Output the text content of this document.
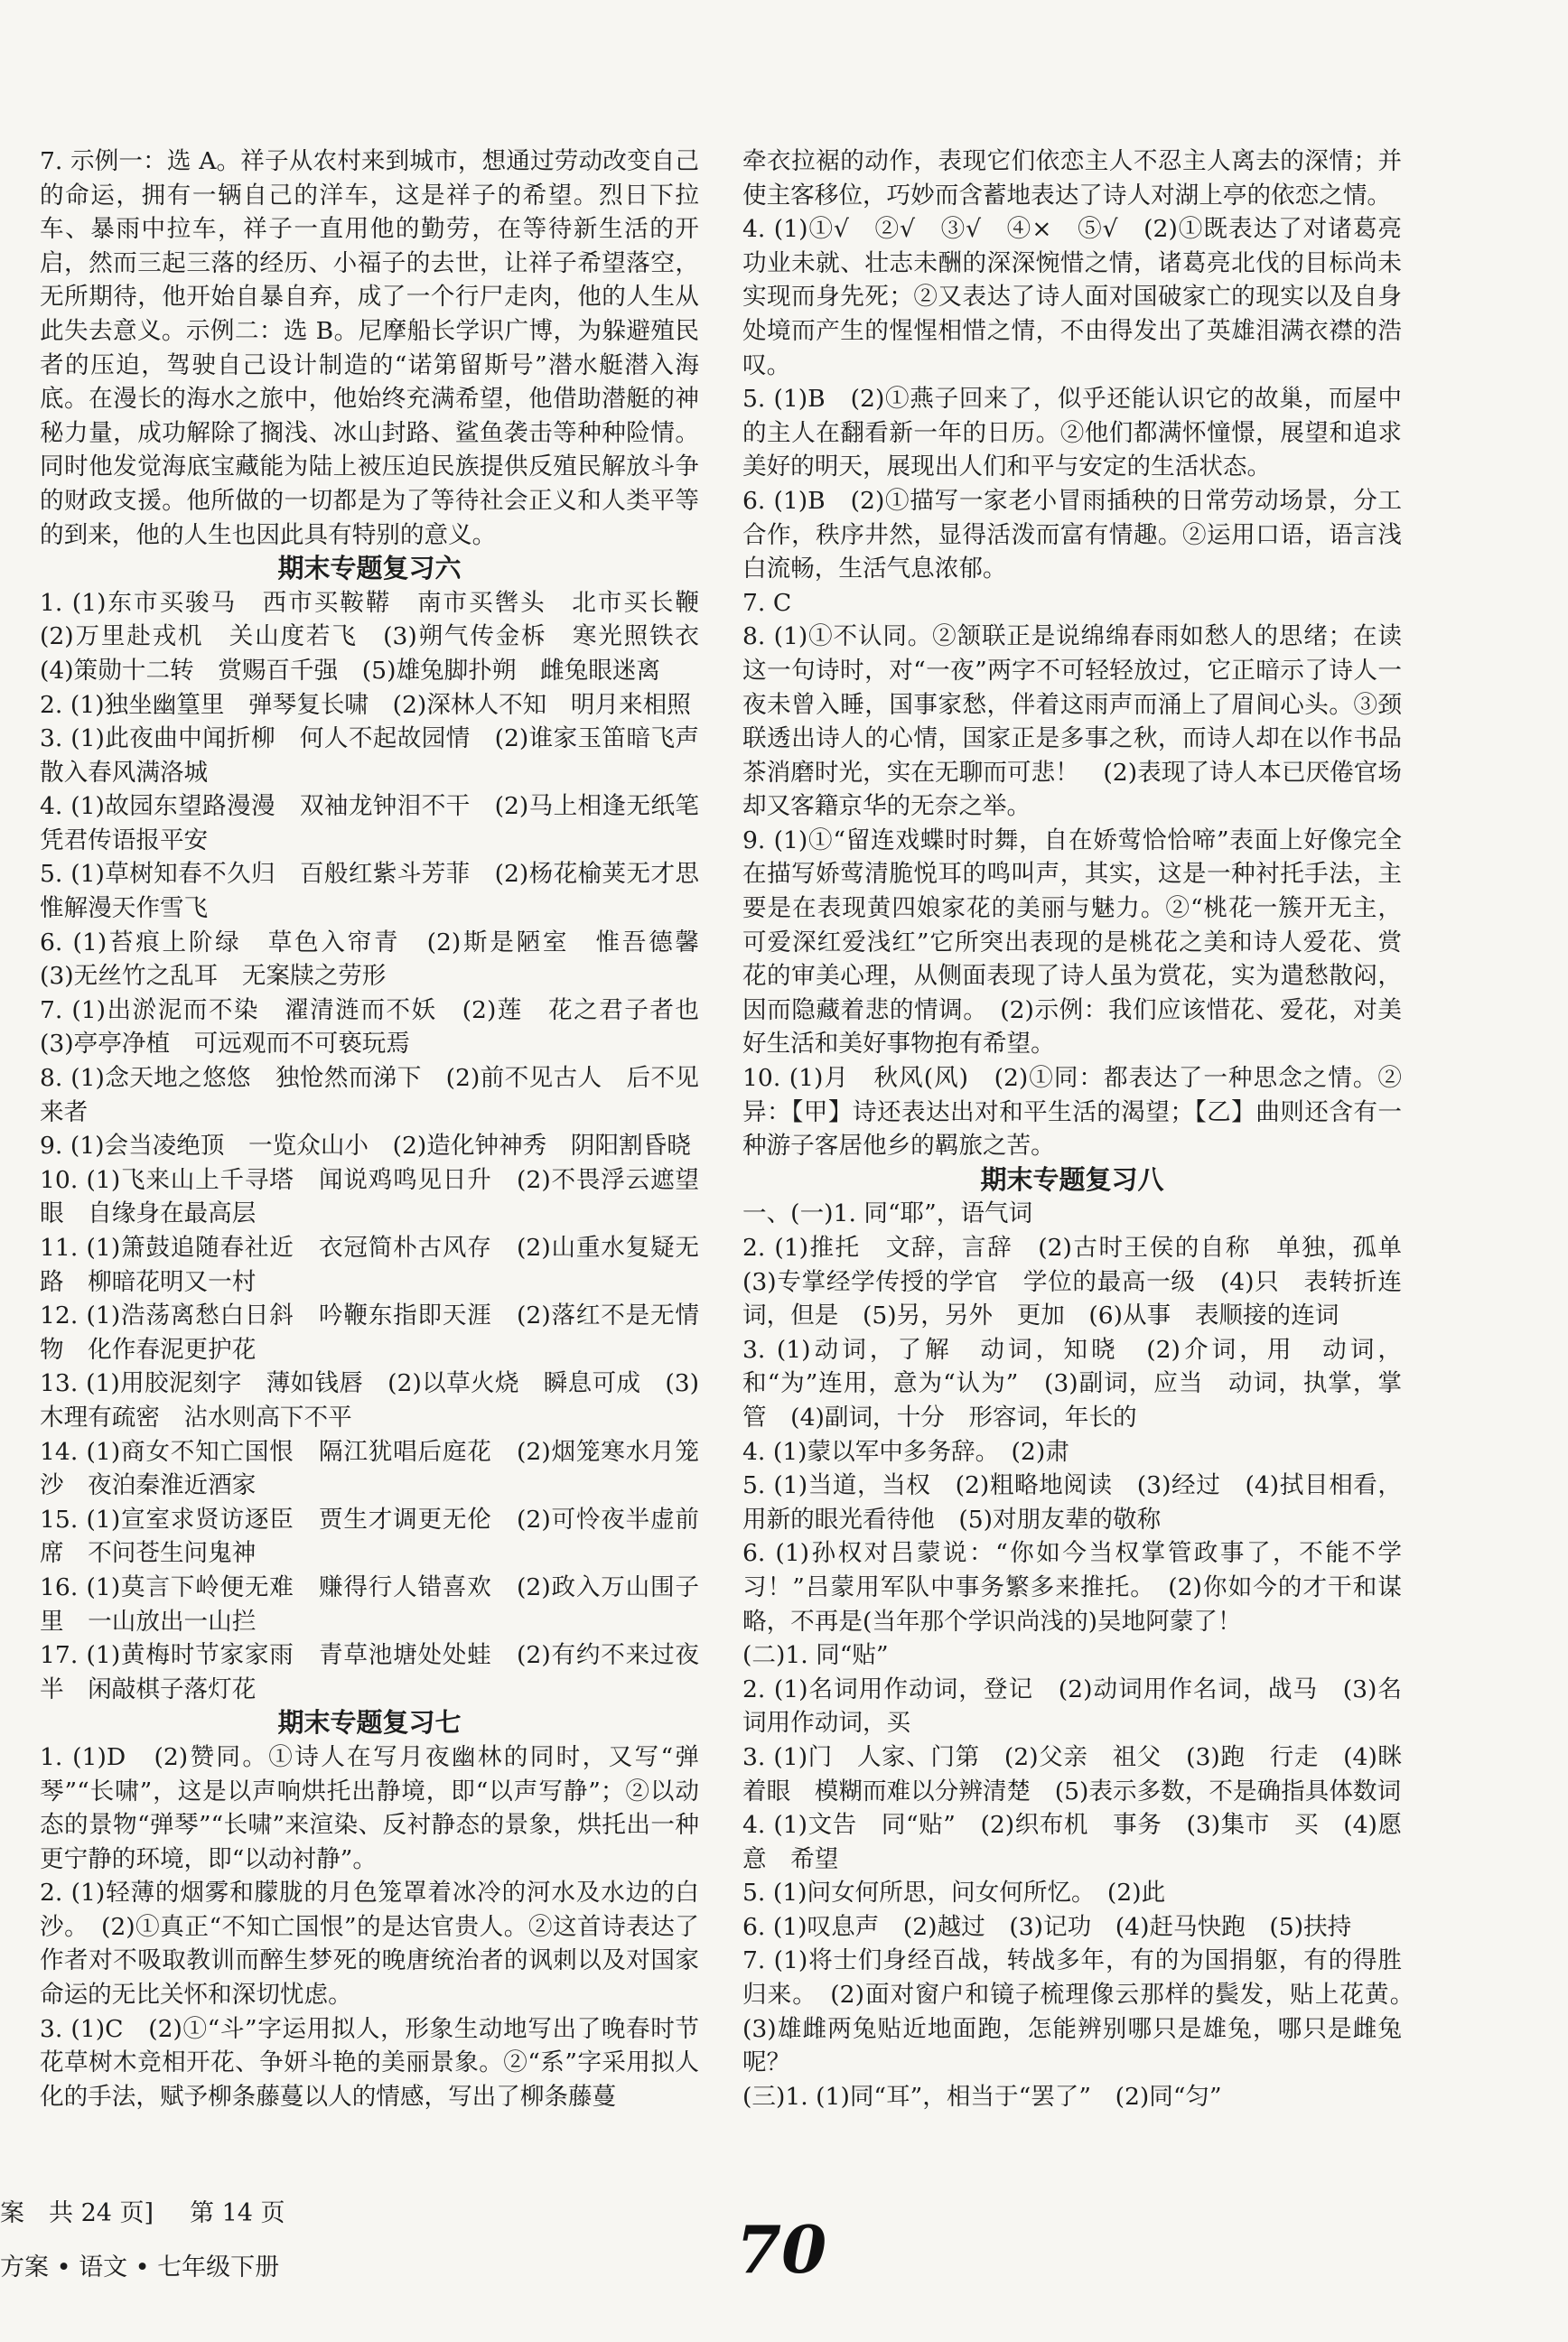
7. 示例一：选 A。祥子从农村来到城市，想通过劳动改变自己的命运，拥有一辆自己的洋车，这是祥子的希望。烈日下拉车、暴雨中拉车，祥子一直用他的勤劳，在等待新生活的开启，然而三起三落的经历、小福子的去世，让祥子希望落空，无所期待，他开始自暴自弃，成了一个行尸走肉，他的人生从此失去意义。示例二：选 B。尼摩船长学识广博，为躲避殖民者的压迫，驾驶自己设计制造的“诺第留斯号”潜水艇潜入海底。在漫长的海水之旅中，他始终充满希望，他借助潜艇的神秘力量，成功解除了搁浅、冰山封路、鲨鱼袭击等种种险情。同时他发觉海底宝藏能为陆上被压迫民族提供反殖民解放斗争的财政支援。他所做的一切都是为了等待社会正义和人类平等的到来，他的人生也因此具有特别的意义。

期末专题复习六

1. (1)东市买骏马　西市买鞍鞯　南市买辔头　北市买长鞭　(2)万里赴戎机　关山度若飞　(3)朔气传金柝　寒光照铁衣　(4)策勋十二转　赏赐百千强　(5)雄兔脚扑朔　雌兔眼迷离

2. (1)独坐幽篁里　弹琴复长啸　(2)深林人不知　明月来相照

3. (1)此夜曲中闻折柳　何人不起故园情　(2)谁家玉笛暗飞声　散入春风满洛城

4. (1)故园东望路漫漫　双袖龙钟泪不干　(2)马上相逢无纸笔　凭君传语报平安

5. (1)草树知春不久归　百般红紫斗芳菲　(2)杨花榆荚无才思　惟解漫天作雪飞

6. (1)苔痕上阶绿　草色入帘青　(2)斯是陋室　惟吾德馨　(3)无丝竹之乱耳　无案牍之劳形

7. (1)出淤泥而不染　濯清涟而不妖　(2)莲　花之君子者也　(3)亭亭净植　可远观而不可亵玩焉

8. (1)念天地之悠悠　独怆然而涕下　(2)前不见古人　后不见来者

9. (1)会当凌绝顶　一览众山小　(2)造化钟神秀　阴阳割昏晓

10. (1)飞来山上千寻塔　闻说鸡鸣见日升　(2)不畏浮云遮望眼　自缘身在最高层

11. (1)箫鼓追随春社近　衣冠简朴古风存　(2)山重水复疑无路　柳暗花明又一村

12. (1)浩荡离愁白日斜　吟鞭东指即天涯　(2)落红不是无情物　化作春泥更护花

13. (1)用胶泥刻字　薄如钱唇　(2)以草火烧　瞬息可成　(3)木理有疏密　沾水则高下不平

14. (1)商女不知亡国恨　隔江犹唱后庭花　(2)烟笼寒水月笼沙　夜泊秦淮近酒家

15. (1)宣室求贤访逐臣　贾生才调更无伦　(2)可怜夜半虚前席　不问苍生问鬼神

16. (1)莫言下岭便无难　赚得行人错喜欢　(2)政入万山围子里　一山放出一山拦

17. (1)黄梅时节家家雨　青草池塘处处蛙　(2)有约不来过夜半　闲敲棋子落灯花

期末专题复习七

1. (1)D　(2)赞同。①诗人在写月夜幽林的同时，又写“弹琴”“长啸”，这是以声响烘托出静境，即“以声写静”；②以动态的景物“弹琴”“长啸”来渲染、反衬静态的景象，烘托出一种更宁静的环境，即“以动衬静”。

2. (1)轻薄的烟雾和朦胧的月色笼罩着冰冷的河水及水边的白沙。　(2)①真正“不知亡国恨”的是达官贵人。②这首诗表达了作者对不吸取教训而醉生梦死的晚唐统治者的讽刺以及对国家命运的无比关怀和深切忧虑。

3. (1)C　(2)①“斗”字运用拟人，形象生动地写出了晚春时节花草树木竞相开花、争妍斗艳的美丽景象。②“系”字采用拟人化的手法，赋予柳条藤蔓以人的情感，写出了柳条藤蔓

牵衣拉裾的动作，表现它们依恋主人不忍主人离去的深情；并使主客移位，巧妙而含蓄地表达了诗人对湖上亭的依恋之情。

4. (1)①√　②√　③√　④×　⑤√　(2)①既表达了对诸葛亮功业未就、壮志未酬的深深惋惜之情，诸葛亮北伐的目标尚未实现而身先死；②又表达了诗人面对国破家亡的现实以及自身处境而产生的惺惺相惜之情，不由得发出了英雄泪满衣襟的浩叹。

5. (1)B　(2)①燕子回来了，似乎还能认识它的故巢，而屋中的主人在翻看新一年的日历。②他们都满怀憧憬，展望和追求美好的明天，展现出人们和平与安定的生活状态。

6. (1)B　(2)①描写一家老小冒雨插秧的日常劳动场景，分工合作，秩序井然，显得活泼而富有情趣。②运用口语，语言浅白流畅，生活气息浓郁。

7. C

8. (1)①不认同。②颔联正是说绵绵春雨如愁人的思绪；在读这一句诗时，对“一夜”两字不可轻轻放过，它正暗示了诗人一夜未曾入睡，国事家愁，伴着这雨声而涌上了眉间心头。③颈联透出诗人的心情，国家正是多事之秋，而诗人却在以作书品茶消磨时光，实在无聊而可悲！　(2)表现了诗人本已厌倦官场却又客籍京华的无奈之举。

9. (1)①“留连戏蝶时时舞，自在娇莺恰恰啼”表面上好像完全在描写娇莺清脆悦耳的鸣叫声，其实，这是一种衬托手法，主要是在表现黄四娘家花的美丽与魅力。②“桃花一簇开无主，可爱深红爱浅红”它所突出表现的是桃花之美和诗人爱花、赏花的审美心理，从侧面表现了诗人虽为赏花，实为遣愁散闷，因而隐藏着悲的情调。　(2)示例：我们应该惜花、爱花，对美好生活和美好事物抱有希望。

10. (1)月　秋风(风)　(2)①同：都表达了一种思念之情。②异：【甲】诗还表达出对和平生活的渴望；【乙】曲则还含有一种游子客居他乡的羁旅之苦。

期末专题复习八

一、(一)1. 同“耶”，语气词

2. (1)推托　文辞，言辞　(2)古时王侯的自称　单独，孤单　(3)专掌经学传授的学官　学位的最高一级　(4)只　表转折连词，但是　(5)另，另外　更加　(6)从事　表顺接的连词

3. (1)动词，了解　动词，知晓　(2)介词，用　动词，和“为”连用，意为“认为”　(3)副词，应当　动词，执掌，掌管　(4)副词，十分　形容词，年长的

4. (1)蒙以军中多务辞。　(2)肃

5. (1)当道，当权　(2)粗略地阅读　(3)经过　(4)拭目相看，用新的眼光看待他　(5)对朋友辈的敬称

6. (1)孙权对吕蒙说：“你如今当权掌管政事了，不能不学习！”吕蒙用军队中事务繁多来推托。　(2)你如今的才干和谋略，不再是(当年那个学识尚浅的)吴地阿蒙了！

(二)1. 同“贴”

2. (1)名词用作动词，登记　(2)动词用作名词，战马　(3)名词用作动词，买

3. (1)门　人家、门第　(2)父亲　祖父　(3)跑　行走　(4)眯着眼　模糊而难以分辨清楚　(5)表示多数，不是确指具体数词

4. (1)文告　同“贴”　(2)织布机　事务　(3)集市　买　(4)愿意　希望

5. (1)问女何所思，问女何所忆。　(2)此

6. (1)叹息声　(2)越过　(3)记功　(4)赶马快跑　(5)扶持

7. (1)将士们身经百战，转战多年，有的为国捐躯，有的得胜归来。　(2)面对窗户和镜子梳理像云那样的鬓发，贴上花黄。　(3)雄雌两兔贴近地面跑，怎能辨别哪只是雄兔，哪只是雌兔呢？

(三)1. (1)同“耳”，相当于“罢了”　(2)同“匀”

案　共 24 页] 第 14 页
方案 • 语文 • 七年级下册	70
